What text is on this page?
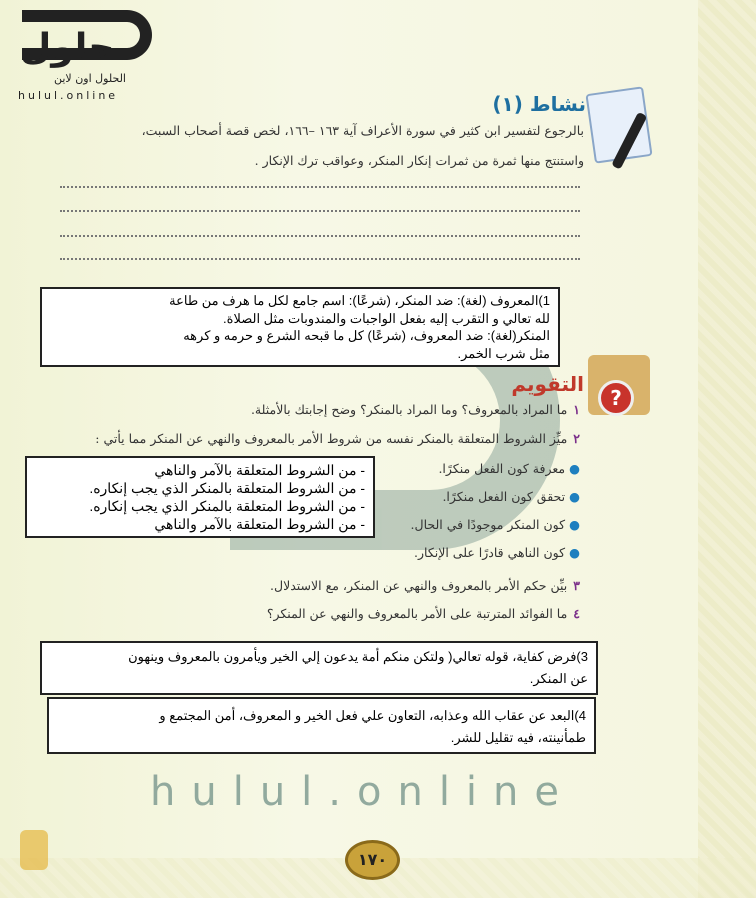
hulul.online
حلول
الحلول اون لاين
hulul.online	نشاط (١)
بالرجوع لتفسير ابن كثير في سورة الأعراف آية ١٦٣ –١٦٦، لخص قصة أصحاب السبت،
واستنتج منها ثمرة من ثمرات إنكار المنكر، وعواقب ترك الإنكار .
1)المعروف (لغة): ضد المنكر، (شرعًا): اسم جامع لكل ما هرف من طاعة
لله تعالي و التقرب إليه بفعل الواجبات والمندوبات مثل الصلاة.
المنكر(لغة): ضد المعروف، (شرعًا) كل ما قبحه الشرع و حرمه و كرهه
مثل شرب الخمر.
?
التقويم
١ما المراد بالمعروف؟ وما المراد بالمنكر؟ وضح إجابتك بالأمثلة.
٢ميِّز الشروط المتعلقة بالمنكر نفسه من شروط الأمر بالمعروف والنهي عن المنكر مما يأتي :
●معرفة كون الفعل منكرًا.
●تحقق كون الفعل منكرًا.
●كون المنكر موجودًا في الحال.
●كون الناهي قادرًا على الإنكار.
٣بيِّن حكم الأمر بالمعروف والنهي عن المنكر، مع الاستدلال.
٤ما الفوائد المترتبة على الأمر بالمعروف والنهي عن المنكر؟
- من الشروط المتعلقة بالآمر والناهي
- من الشروط المتعلقة بالمنكر الذي يجب إنكاره.
- من الشروط المتعلقة بالمنكر الذي يجب إنكاره.
- من الشروط المتعلقة بالآمر والناهي
3)فرض كفاية، قوله تعالي( ولتكن منكم أمة يدعون إلي الخير ويأمرون بالمعروف وينهون
عن المنكر.
4)البعد عن عقاب الله وعذابه، التعاون علي فعل الخير و المعروف، أمن المجتمع و
طمأنينته، فيه تقليل للشر.
١٧٠
